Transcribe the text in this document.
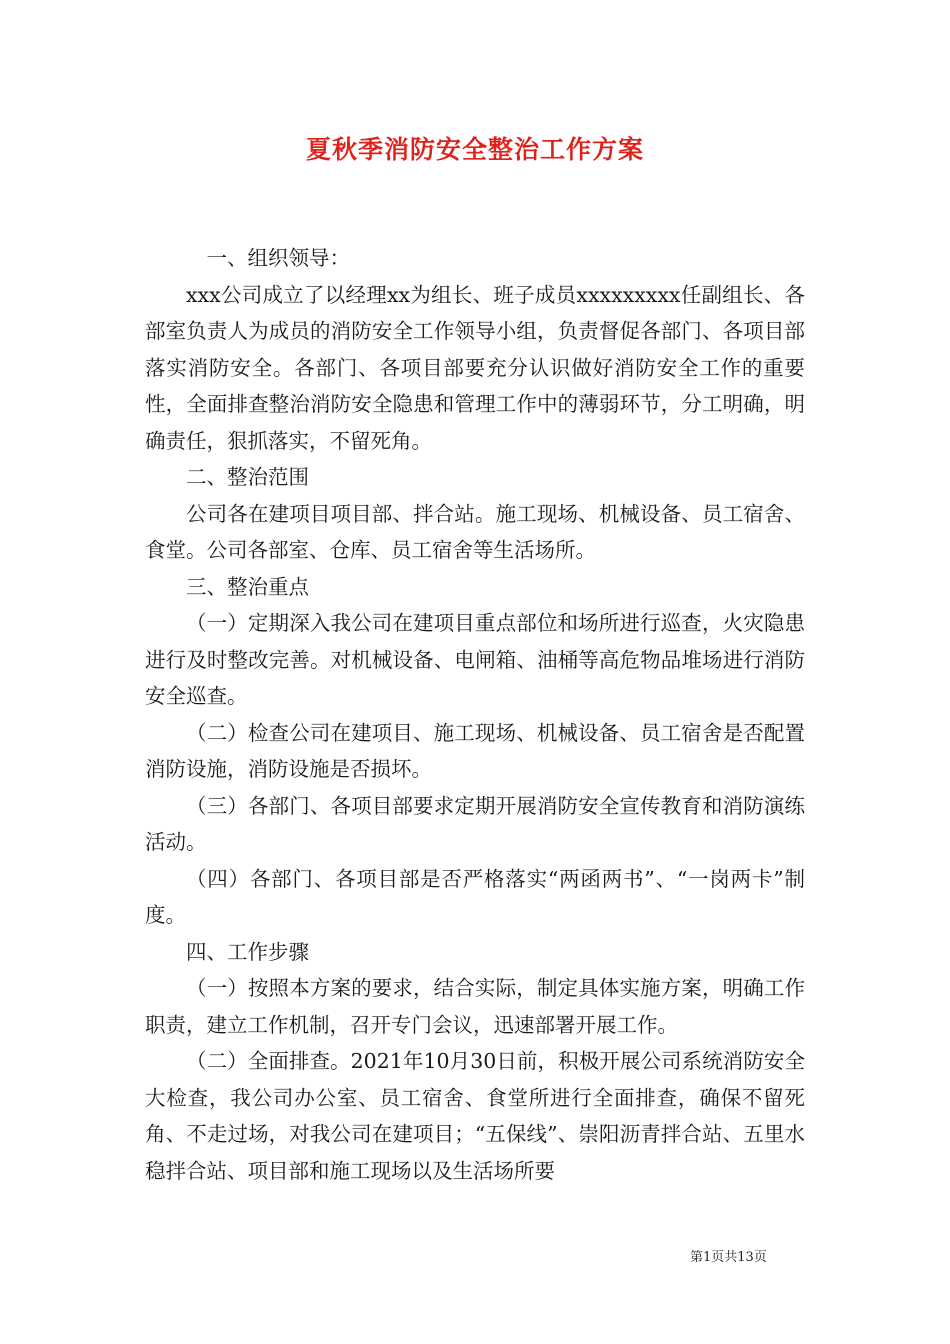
夏秋季消防安全整治工作方案

一、组织领导：

xxx公司成立了以经理xx为组长、班子成员xxxxxxxxx任副组长、各部室负责人为成员的消防安全工作领导小组，负责督促各部门、各项目部落实消防安全。各部门、各项目部要充分认识做好消防安全工作的重要性，全面排查整治消防安全隐患和管理工作中的薄弱环节，分工明确，明确责任，狠抓落实，不留死角。

二、整治范围

公司各在建项目项目部、拌合站。施工现场、机械设备、员工宿舍、食堂。公司各部室、仓库、员工宿舍等生活场所。

三、整治重点

（一）定期深入我公司在建项目重点部位和场所进行巡查，火灾隐患进行及时整改完善。对机械设备、电闸箱、油桶等高危物品堆场进行消防安全巡查。

（二）检查公司在建项目、施工现场、机械设备、员工宿舍是否配置消防设施，消防设施是否损坏。

（三）各部门、各项目部要求定期开展消防安全宣传教育和消防演练活动。

（四）各部门、各项目部是否严格落实“两函两书”、“一岗两卡”制度。

四、工作步骤

（一）按照本方案的要求，结合实际，制定具体实施方案，明确工作职责，建立工作机制，召开专门会议，迅速部署开展工作。

（二）全面排查。2021年10月30日前，积极开展公司系统消防安全大检查，我公司办公室、员工宿舍、食堂所进行全面排查，确保不留死角、不走过场，对我公司在建项目；“五保线”、崇阳沥青拌合站、五里水稳拌合站、项目部和施工现场以及生活场所要

第1页共13页
